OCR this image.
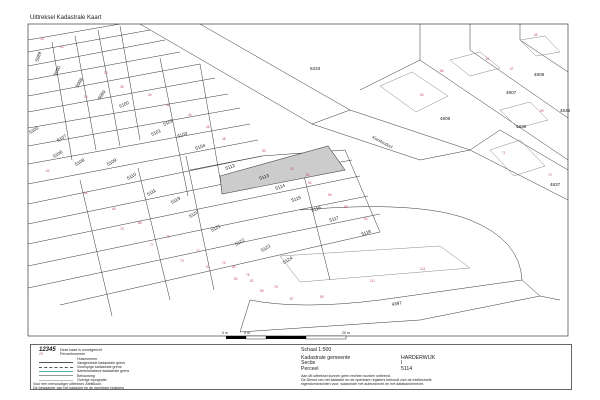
Uittreksel Kadastrale Kaart
5089
5090
5098
5099
5100
5101
5102
5103
5104
5105
5106
5107
5108	5109
5110
5111
5112
5113
5114
5115
5116
5117
5118
5119
5120
5121
5122
5123
5124
6333
4806
4807
4808
4836
4837
4835
4397
26
30
28
36
38
40
42
44
46
48
50
52
54
56
58
60
62
64
66
68
70
72
74
76
78
80
82
84
86
61
63
65
67
69
71
73
75
77
79
81
83
85
87	89
113
111
Kiarsteuduol
0 m	5 m	20 m
12345 Deze kaart is noordgericht
20	Perceelnummer
Huisnummer
Vastgestelde kadastrale grens
Voorlopige kadastrale grens
Administratieve kadastrale grens
Bebouwing
Overige topografie
Voor een eenvoudiger uittreksel. Ateltikoon.
De bewaarder van het kadaster en de openbare registers
Schaal 1:500
Kadastrale gemeente	HARDERWIJK
Sectie	I
Perceel	5114
Aan dit uittreksel kunnen geen rechten worden ontleend.
De Dienst van het kadaster en de openbare registers behoudt zich de intellectuele
eigendomsrechten voor, waaronder het auteursrecht en het databankenrecht.
